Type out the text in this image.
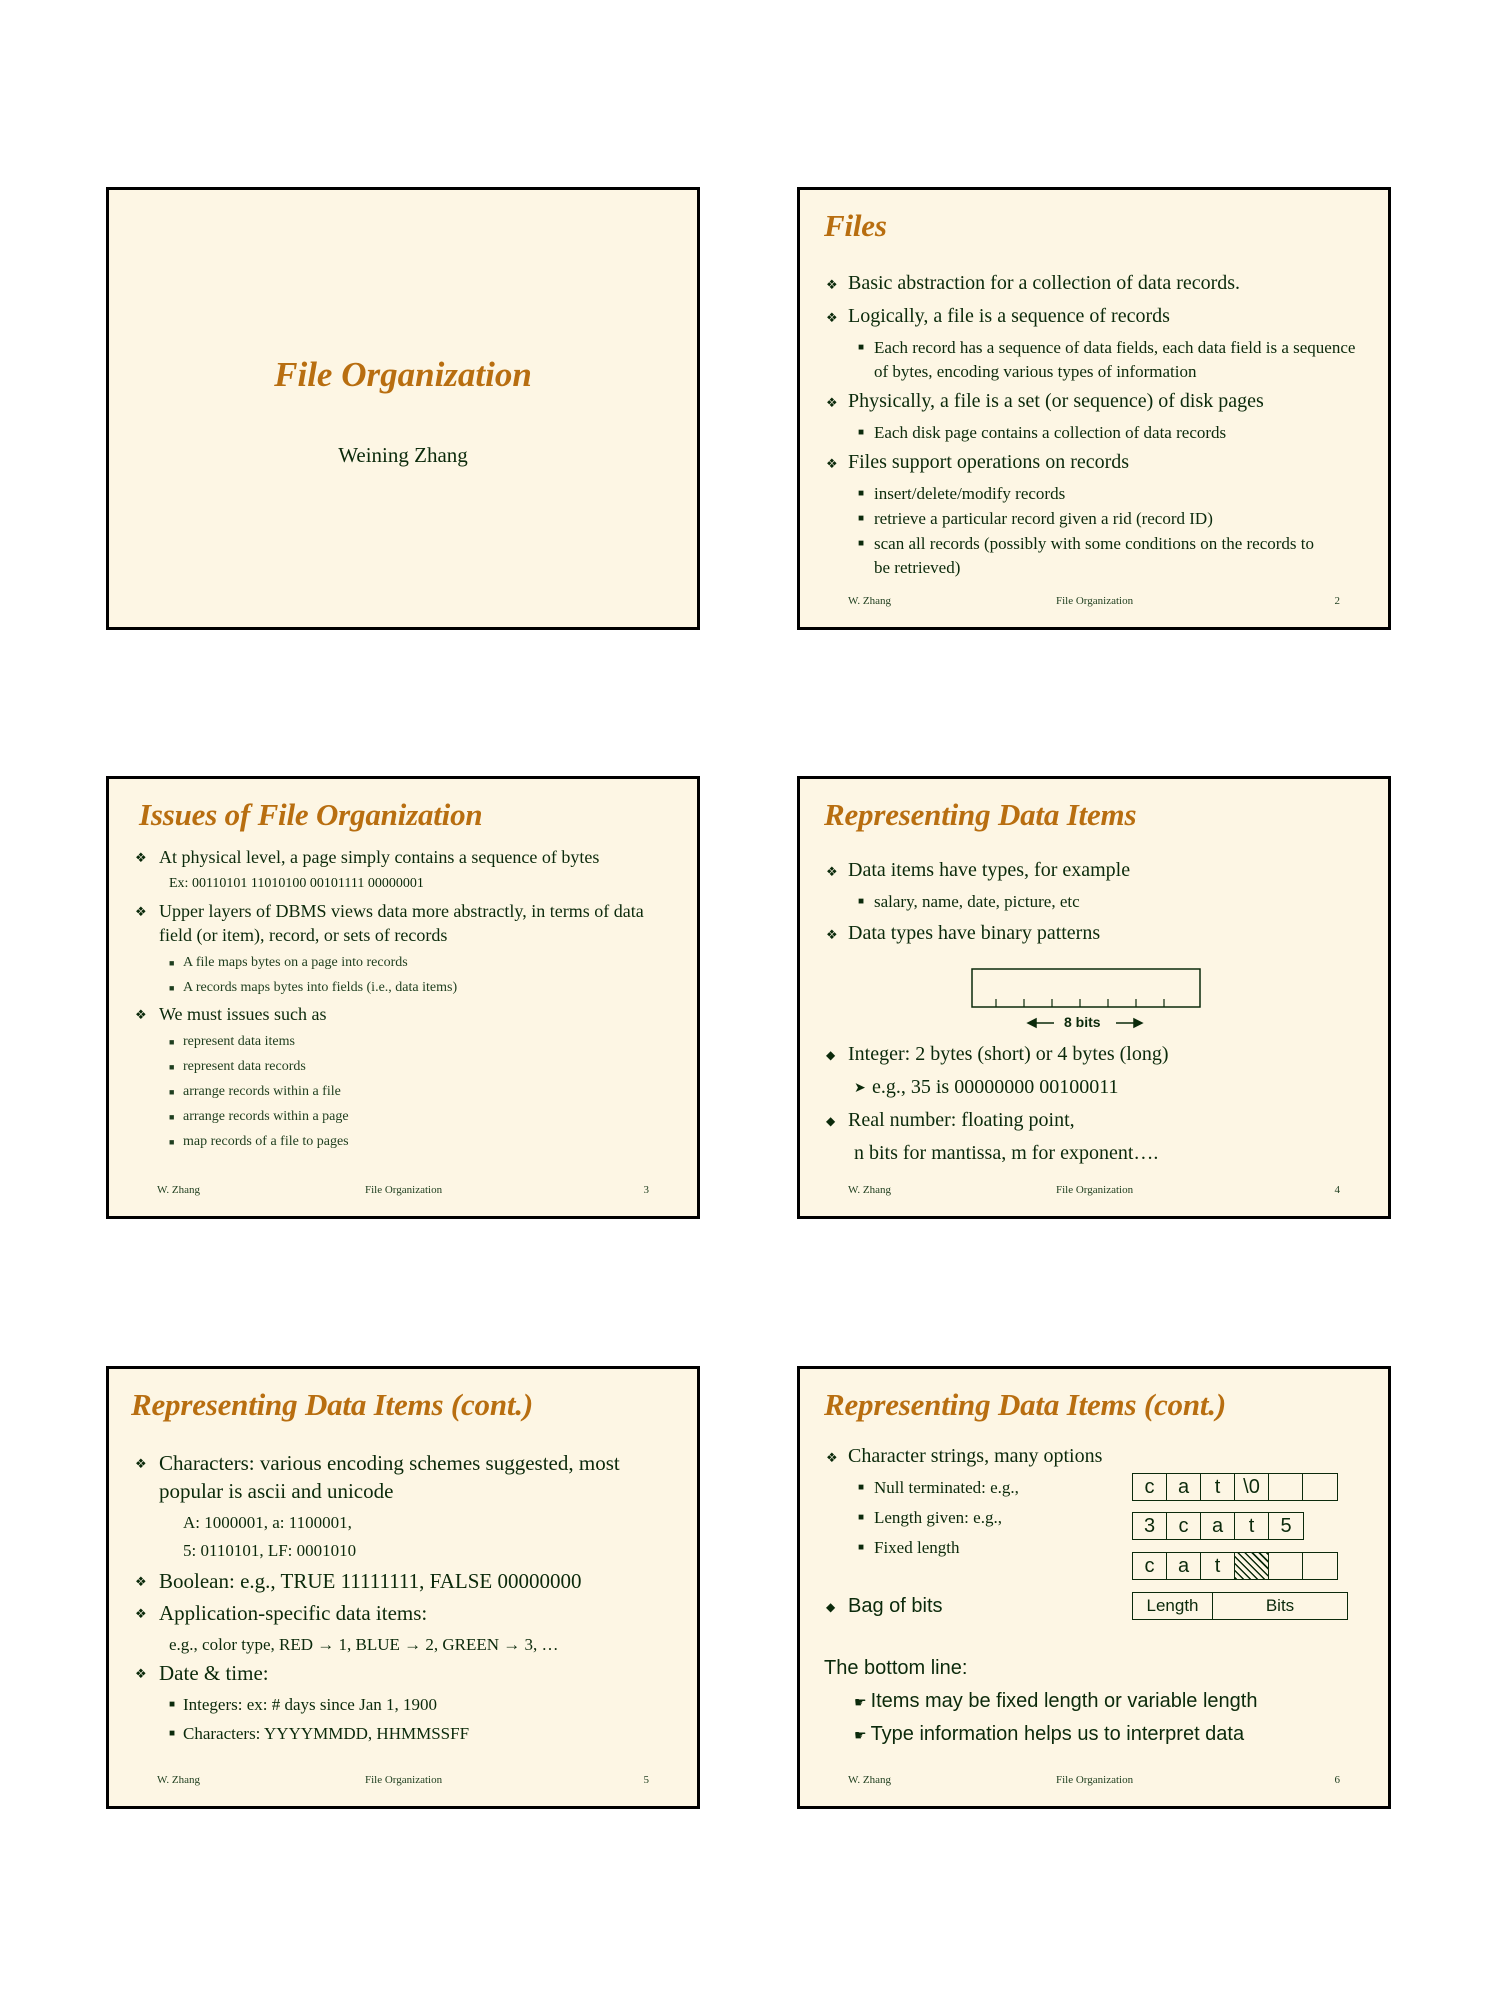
File Organization
Weining Zhang
Files
❖ Basic abstraction for a collection of data records.
❖ Logically, a file is a sequence of records
■ Each record has a sequence of data fields, each data field is a sequence of bytes, encoding various types of information
❖ Physically, a file is a set (or sequence) of disk pages
■ Each disk page contains a collection of data records
❖ Files support operations on records
■ insert/delete/modify records
■ retrieve a particular record given a rid (record ID)
■ scan all records (possibly with some conditions on the records to be retrieved)
W. Zhang	File Organization	2
Issues of File Organization
❖ At physical level, a page simply contains a sequence of bytes
Ex: 00110101 11010100 00101111 00000001
❖ Upper layers of DBMS views data more abstractly, in terms of data field (or item), record, or sets of records
■ A file maps bytes on a page into records
■ A records maps bytes into fields (i.e., data items)
❖ We must issues such as
■ represent data items
■ represent data records
■ arrange records within a file
■ arrange records within a page
■ map records of a file to pages
W. Zhang	File Organization	3
Representing Data Items
❖ Data items have types, for example
■ salary, name, date, picture, etc
❖ Data types have binary patterns
8 bits
◆ Integer: 2 bytes (short) or 4 bytes (long)
➤ e.g., 35 is 00000000 00100011
◆ Real number: floating point,
n bits for mantissa, m for exponent….
W. Zhang	File Organization	4
Representing Data Items (cont.)
❖ Characters: various encoding schemes suggested, most popular is ascii and unicode
A: 1000001, a: 1100001,
5: 0110101, LF: 0001010
❖ Boolean: e.g., TRUE 11111111, FALSE 00000000
❖ Application-specific data items:
e.g., color type, RED → 1, BLUE → 2, GREEN → 3, …
❖ Date & time:
■ Integers: ex: # days since Jan 1, 1900
■ Characters: YYYYMMDD, HHMMSSFF
W. Zhang	File Organization	5
Representing Data Items (cont.)
❖ Character strings, many options
■ Null terminated: e.g.,
■ Length given: e.g.,
■ Fixed length
c	a	t	\0
3	c	a	t	5
c	a	t
◆ Bag of bits	Length	Bits
The bottom line:
☛ Items may be fixed length or variable length
☛ Type information helps us to interpret data
W. Zhang	File Organization	6
